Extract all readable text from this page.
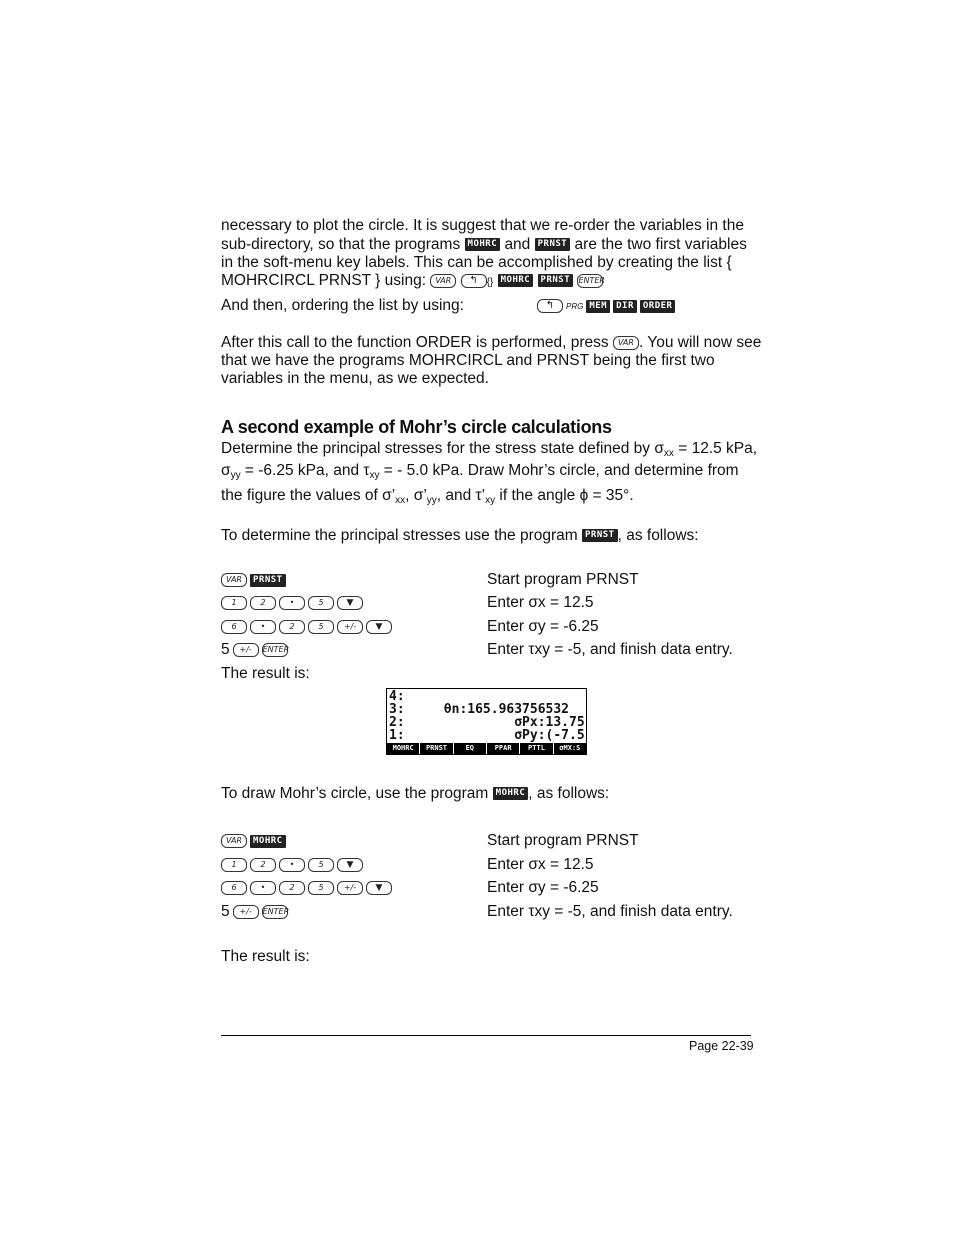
necessary to plot the circle. It is suggest that we re-order the variables in the
sub-directory, so that the programs MOHRC and PRNST are the two first variables
in the soft-menu key labels. This can be accomplished by creating the list {
MOHRCIRCL PRNST } using: VAR ↰ {} MOHRC PRNST ENTER
And then, ordering the list by using:	↰	PRG MEM	DIR	ORDER
After this call to the function ORDER is performed, press VAR . You will now see
that we have the programs MOHRCIRCL and PRNST being the first two
variables in the menu, as we expected.
A second example of Mohr’s circle calculations
Determine the principal stresses for the stress state defined by $\sigma_{xx} = 12.5$ kPa,
$\sigma_{yy} = -6.25$ kPa, and $\tau_{xy}$ = - 5.0 kPa. Draw Mohr’s circle, and determine from
the figure the values of $\sigma’_{xx}$, $\sigma’_{yy}$, and $\tau’_{xy}$ if the angle ϕ = 35°.
To determine the principal stresses use the program PRNST , as follows:
VAR	PRNST	Start program PRNST
1	2	•	5	▼	Enter σx = 12.5
6	•	2	5	+/-	▼	Enter σy = -6.25
5	+/-	ENTER	Enter τxy = -5, and finish data entry.
The result is:
4:
3:     θn:165.963756532
2:              σPx:13.75
1:              σPy:(-7.5
MOHRC	PRNST	EQ	PPAR	PTTL	σMX:S
To draw Mohr’s circle, use the program MOHRC , as follows:
VAR	MOHRC	Start program PRNST
1	2	•	5	▼	Enter σx = 12.5
6	•	2	5	+/-	▼	Enter σy = -6.25
5	+/-	ENTER	Enter τxy = -5, and finish data entry.
The result is:
Page 22-39
